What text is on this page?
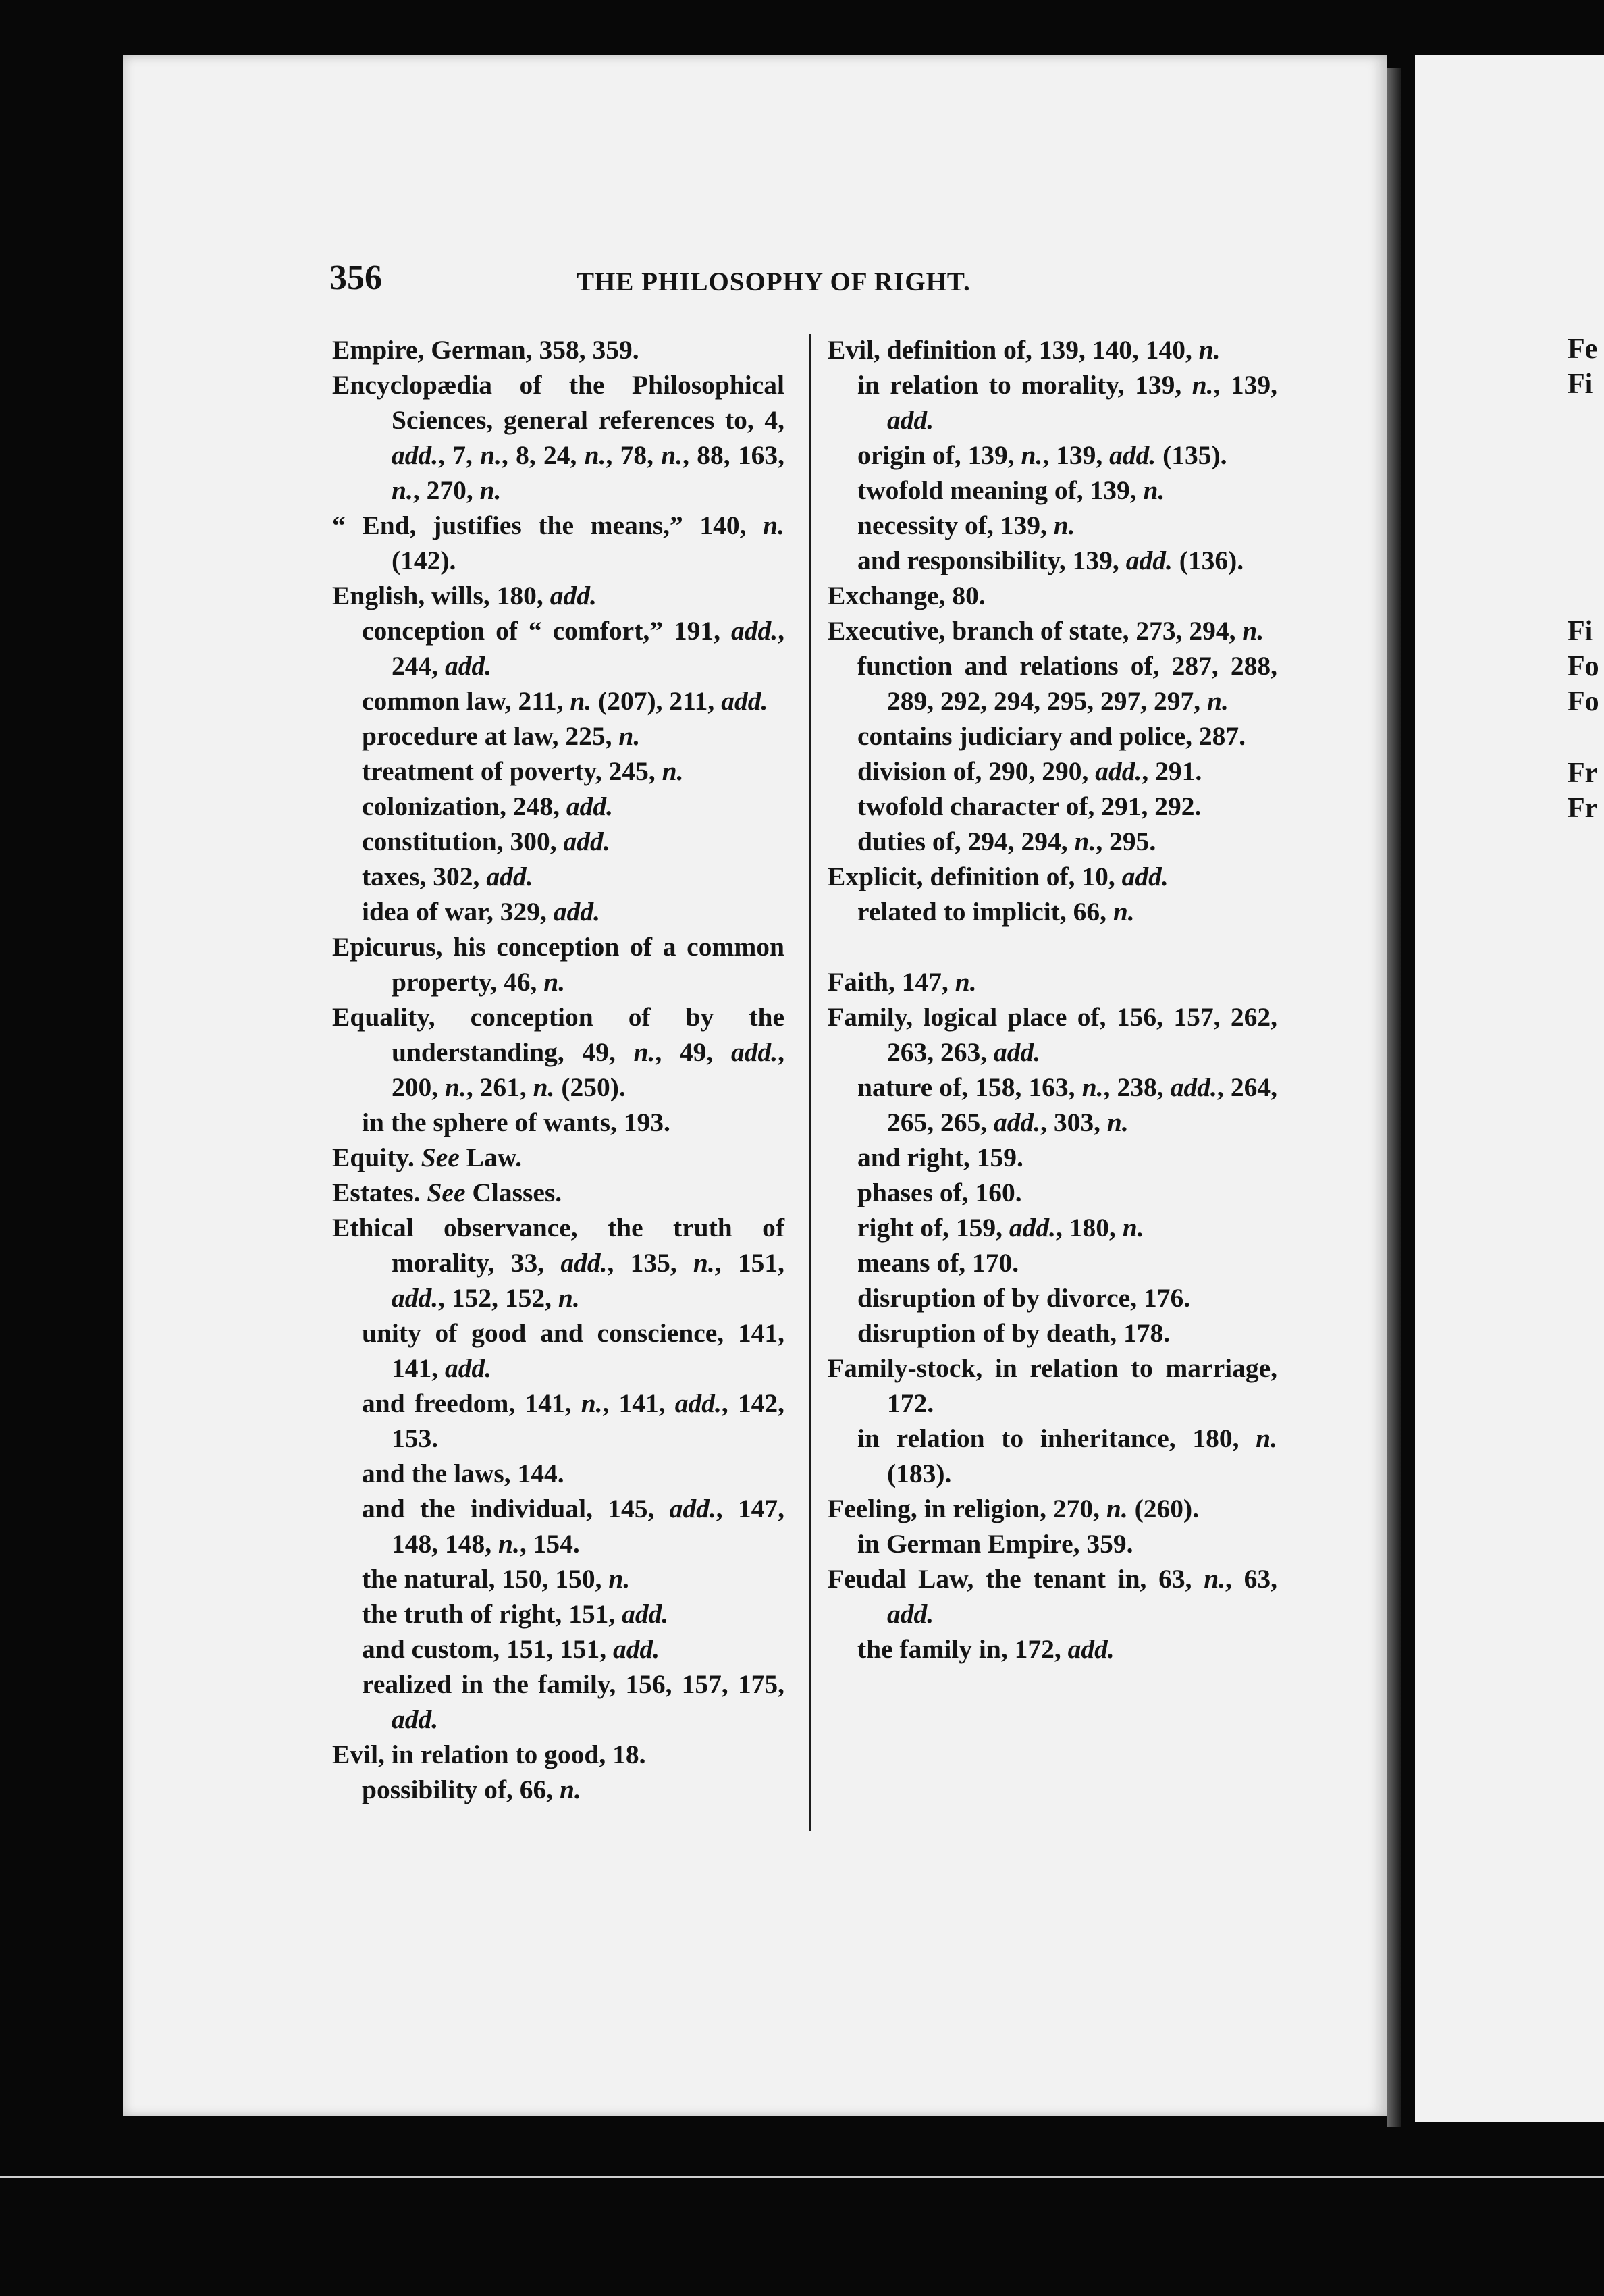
Fe
Fi
Fi
Fo
Fo
Fr
Fr
356	THE PHILOSOPHY OF RIGHT.
Empire, German, 358, 359.
Encyclopædia of the Philosophical Sciences, general references to, 4, add., 7, n., 8, 24, n., 78, n., 88, 163, n., 270, n.
“ End, justifies the means,” 140, n. (142).
English, wills, 180, add.
conception of “ comfort,” 191, add., 244, add.
common law, 211, n. (207), 211, add.
procedure at law, 225, n.
treatment of poverty, 245, n.
colonization, 248, add.
constitution, 300, add.
taxes, 302, add.
idea of war, 329, add.
Epicurus, his conception of a common property, 46, n.
Equality, conception of by the understanding, 49, n., 49, add., 200, n., 261, n. (250).
in the sphere of wants, 193.
Equity. See Law.
Estates. See Classes.
Ethical observance, the truth of morality, 33, add., 135, n., 151, add., 152, 152, n.
unity of good and conscience, 141, 141, add.
and freedom, 141, n., 141, add., 142, 153.
and the laws, 144.
and the individual, 145, add., 147, 148, 148, n., 154.
the natural, 150, 150, n.
the truth of right, 151, add.
and custom, 151, 151, add.
realized in the family, 156, 157, 175, add.
Evil, in relation to good, 18.
possibility of, 66, n.
Evil, definition of, 139, 140, 140, n.
in relation to morality, 139, n., 139, add.
origin of, 139, n., 139, add. (135).
twofold meaning of, 139, n.
necessity of, 139, n.
and responsibility, 139, add. (136).
Exchange, 80.
Executive, branch of state, 273, 294, n.
function and relations of, 287, 288, 289, 292, 294, 295, 297, 297, n.
contains judiciary and police, 287.
division of, 290, 290, add., 291.
twofold character of, 291, 292.
duties of, 294, 294, n., 295.
Explicit, definition of, 10, add.
related to implicit, 66, n.
Faith, 147, n.
Family, logical place of, 156, 157, 262, 263, 263, add.
nature of, 158, 163, n., 238, add., 264, 265, 265, add., 303, n.
and right, 159.
phases of, 160.
right of, 159, add., 180, n.
means of, 170.
disruption of by divorce, 176.
disruption of by death, 178.
Family-stock, in relation to marriage, 172.
in relation to inheritance, 180, n. (183).
Feeling, in religion, 270, n. (260).
in German Empire, 359.
Feudal Law, the tenant in, 63, n., 63, add.
the family in, 172, add.
